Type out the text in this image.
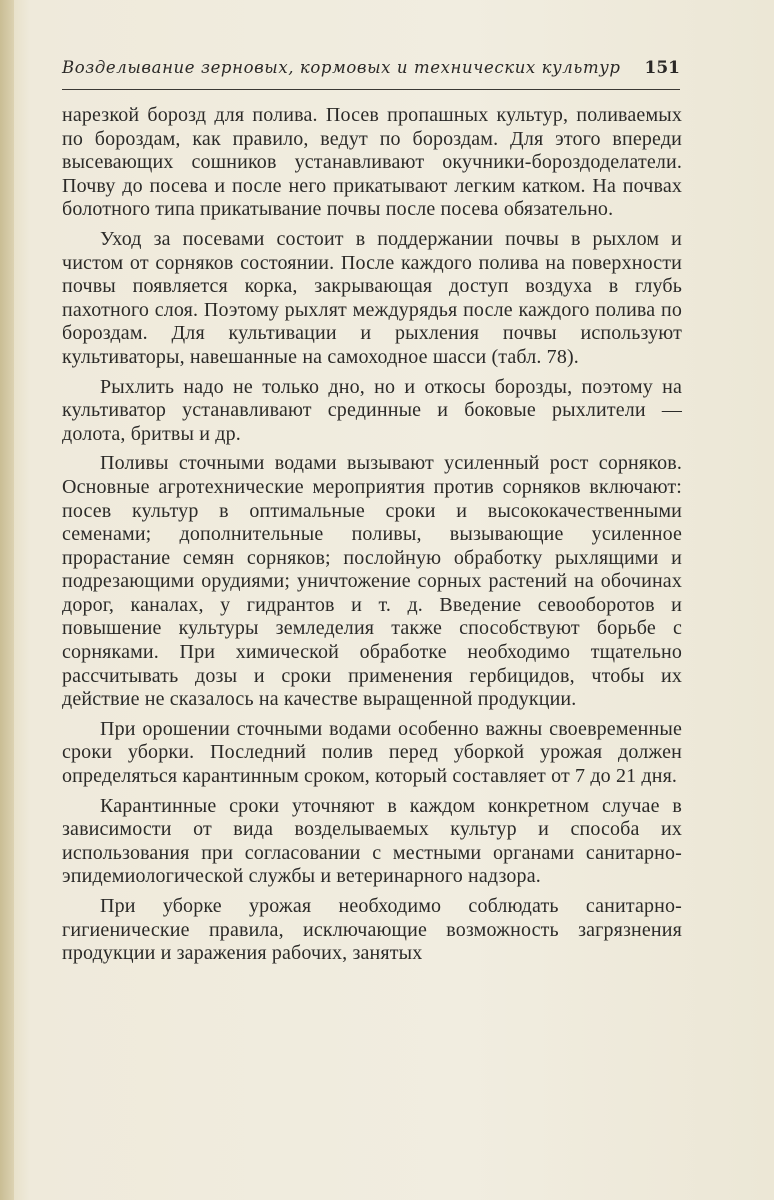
Возделывание зерновых, кормовых и технических культур 151

нарезкой борозд для полива. Посев пропашных культур, поливаемых по бороздам, как правило, ведут по бороздам. Для этого впереди высевающих сошников устанавливают окучники-бороздоделатели. Почву до посева и после него прикатывают легким катком. На почвах болотного типа прикатывание почвы после посева обязательно.

Уход за посевами состоит в поддержании почвы в рыхлом и чистом от сорняков состоянии. После каждого полива на поверхности почвы появляется корка, закрывающая доступ воздуха в глубь пахотного слоя. Поэтому рыхлят междурядья после каждого полива по бороздам. Для культивации и рыхления почвы используют культиваторы, навешанные на самоходное шасси (табл. 78).

Рыхлить надо не только дно, но и откосы борозды, поэтому на культиватор устанавливают срединные и боковые рыхлители — долота, бритвы и др.

Поливы сточными водами вызывают усиленный рост сорняков. Основные агротехнические мероприятия против сорняков включают: посев культур в оптимальные сроки и высококачественными семенами; дополнительные поливы, вызывающие усиленное прорастание семян сорняков; послойную обработку рыхлящими и подрезающими орудиями; уничтожение сорных растений на обочинах дорог, каналах, у гидрантов и т. д. Введение севооборотов и повышение культуры земледелия также способствуют борьбе с сорняками. При химической обработке необходимо тщательно рассчитывать дозы и сроки применения гербицидов, чтобы их действие не сказалось на качестве выращенной продукции.

При орошении сточными водами особенно важны своевременные сроки уборки. Последний полив перед уборкой урожая должен определяться карантинным сроком, который составляет от 7 до 21 дня.

Карантинные сроки уточняют в каждом конкретном случае в зависимости от вида возделываемых культур и способа их использования при согласовании с местными органами санитарно-эпидемиологической службы и ветеринарного надзора.

При уборке урожая необходимо соблюдать санитарно-гигиенические правила, исключающие возможность загрязнения продукции и заражения рабочих, занятых
